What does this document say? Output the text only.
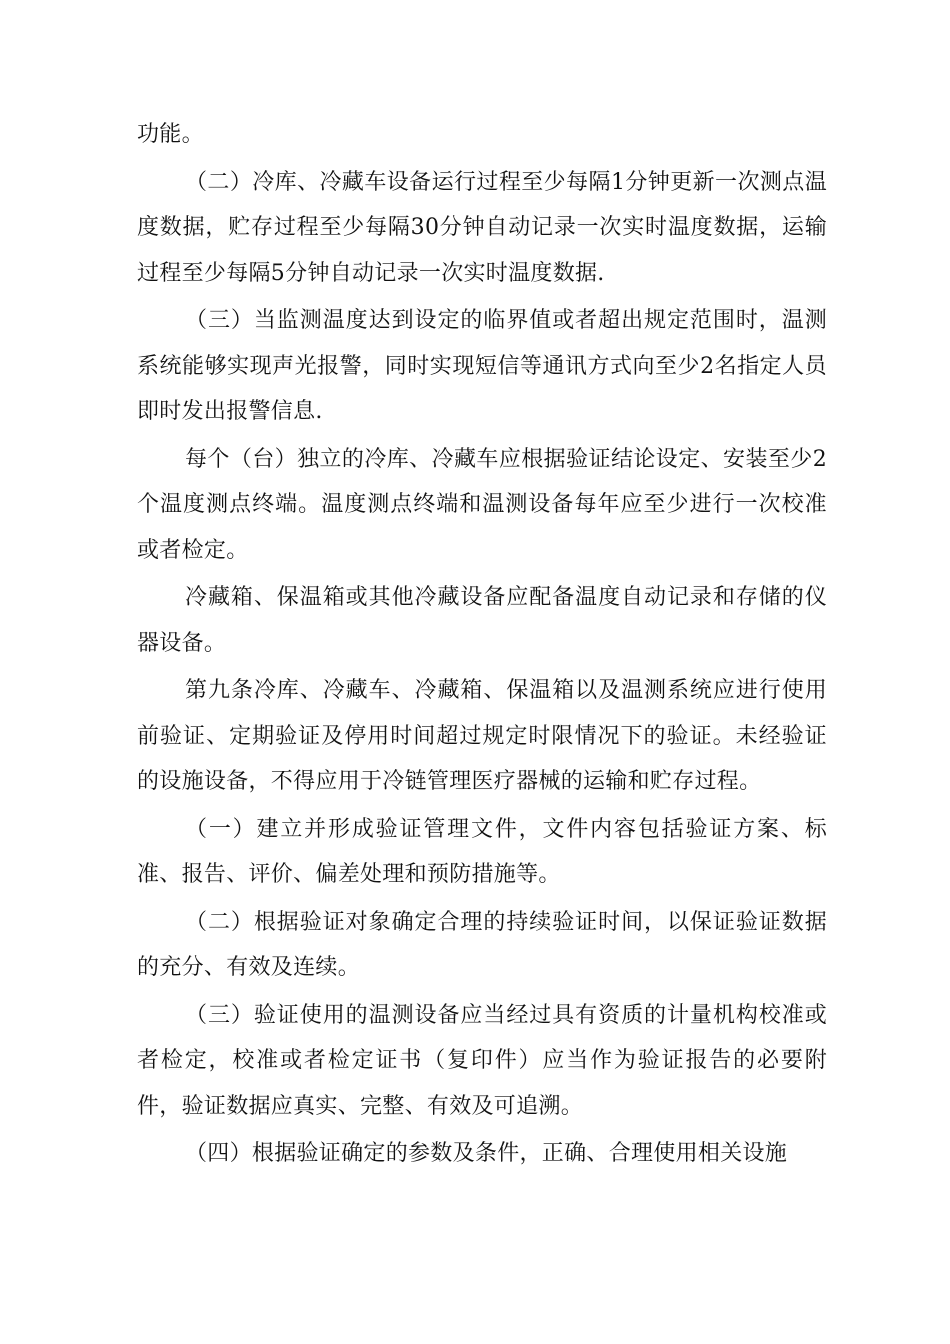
功能。

（二）冷库、冷藏车设备运行过程至少每隔1分钟更新一次测点温度数据，贮存过程至少每隔30分钟自动记录一次实时温度数据，运输过程至少每隔5分钟自动记录一次实时温度数据.

（三）当监测温度达到设定的临界值或者超出规定范围时，温测系统能够实现声光报警，同时实现短信等通讯方式向至少2名指定人员即时发出报警信息.

每个（台）独立的冷库、冷藏车应根据验证结论设定、安装至少2个温度测点终端。温度测点终端和温测设备每年应至少进行一次校准或者检定。

冷藏箱、保温箱或其他冷藏设备应配备温度自动记录和存储的仪器设备。

第九条冷库、冷藏车、冷藏箱、保温箱以及温测系统应进行使用前验证、定期验证及停用时间超过规定时限情况下的验证。未经验证的设施设备，不得应用于冷链管理医疗器械的运输和贮存过程。

（一）建立并形成验证管理文件，文件内容包括验证方案、标准、报告、评价、偏差处理和预防措施等。

（二）根据验证对象确定合理的持续验证时间，以保证验证数据的充分、有效及连续。

（三）验证使用的温测设备应当经过具有资质的计量机构校准或者检定，校准或者检定证书（复印件）应当作为验证报告的必要附件，验证数据应真实、完整、有效及可追溯。

（四）根据验证确定的参数及条件，正确、合理使用相关设施
